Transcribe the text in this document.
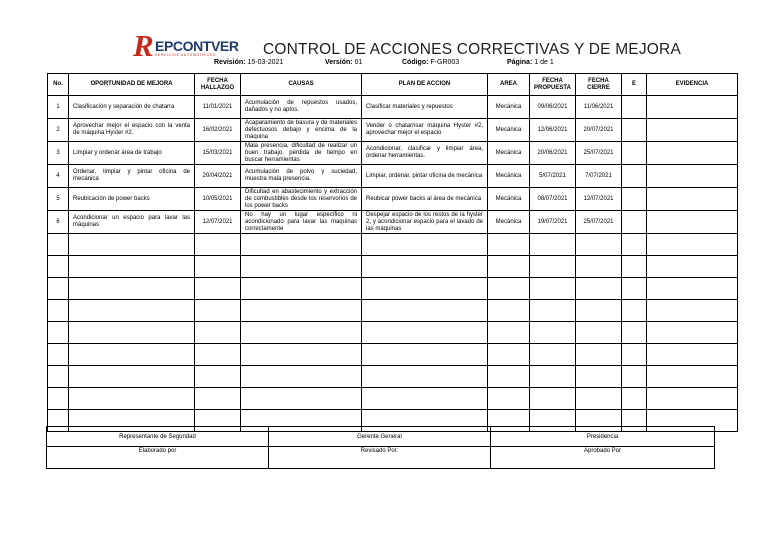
R EPCONTVER
SERVICIOS AUTOMOTRICES	CONTROL DE ACCIONES CORRECTIVAS Y DE MEJORA
Revisión: 15-03-2021	Versión: 01	Código: F-GR003	Página: 1 de 1
No.	OPORTUNIDAD DE MEJORA	FECHA HALLAZGO	CAUSAS	PLAN DE ACCION	AREA	FECHA PROPUESTA	FECHA CIERRE	E	EVIDENCIA
1	Clasificación y separación de chatarra	11/01/2021	Acumulación de repuestos usados, dañados y no aptos.	Clasificar materiales y repuestos	Mecánica	09/06/2021	11/06/2021		
2	Aprovechar mejor el espacio con la venta de máquina Hyster #2.	16/02/2021	Acaparamiento de basura y de materiales defectuosos debajo y encima de la máquina	Vender o chatarrisar máquina Hyster #2, aprovechar mejor el espacio	Mecánica	12/06/2021	20/07/2021		
3	Limpiar y ordenar área de trabajo	15/03/2021	Mala presencia, dificultad de realizar un buen trabajo, pérdida de tiempo en buscar herramientas	Acondicionar, clasificar y limpiar área, ordenar herramientas.	Mecánica	20/06/2021	25/07/2021		
4	Ordenar, limpiar y pintar oficina de mecánica	20/04/2021	Acumulación de polvo y suciedad, muestra mala presencia.	Limpiar, ordenar, pintar oficina de mecánica	Mecánica	5/07/2021	7/07/2021		
5	Reubicación de power backs	10/05/2021	Dificultad en abastecimiento y extracción de combustibles desde los reservorios de los power backs	Reubicar power backs al área de mecánica	Mecánica	08/07/2021	12/07/2021		
6	Acondicionar un espacio para lavar las máquinas	12/07/2021	No hay un lugar específico ni acondicionado para lavar las maquinas correctamente	Despejar espacio de los restos de la hyster 2, y acondicionar espacio para el lavado de las máquinas	Mecánica	19/07/2021	25/07/2021		

Representante de Seguridad	Gerente General	Presidencia
Elaborado por	Revisado Por:	Aprobado Por
